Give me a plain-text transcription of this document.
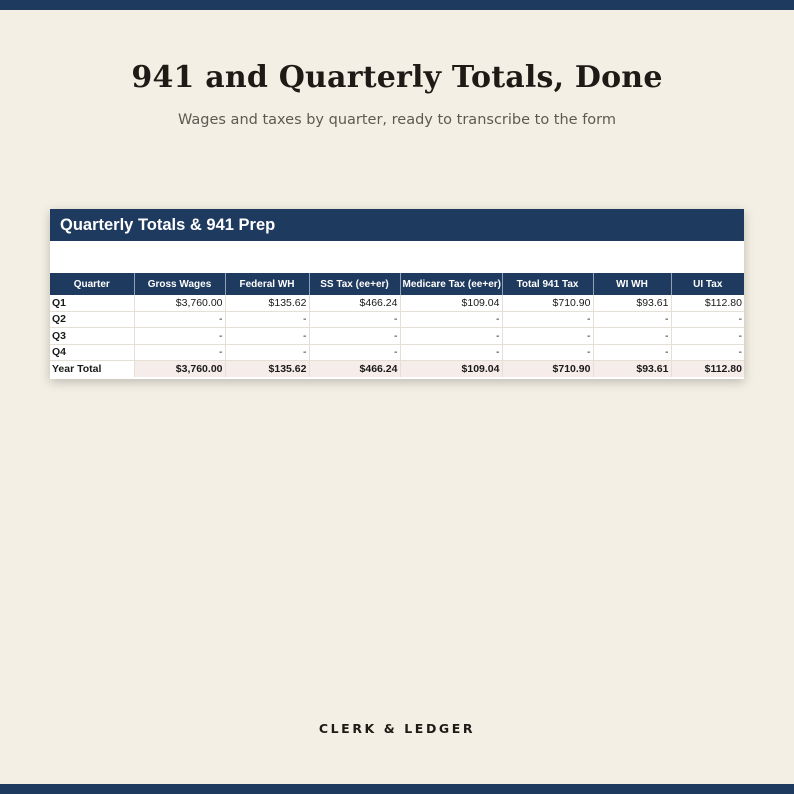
941 and Quarterly Totals, Done

Wages and taxes by quarter, ready to transcribe to the form

Quarterly Totals & 941 Prep
Quarter	Gross Wages	Federal WH	SS Tax (ee+er)	Medicare Tax (ee+er)	Total 941 Tax	WI WH	UI Tax
Q1	$3,760.00	$135.62	$466.24	$109.04	$710.90	$93.61	$112.80
Q2	-	-	-	-	-	-	-
Q3	-	-	-	-	-	-	-
Q4	-	-	-	-	-	-	-
Year Total	$3,760.00	$135.62	$466.24	$109.04	$710.90	$93.61	$112.80
CLERK & LEDGER
